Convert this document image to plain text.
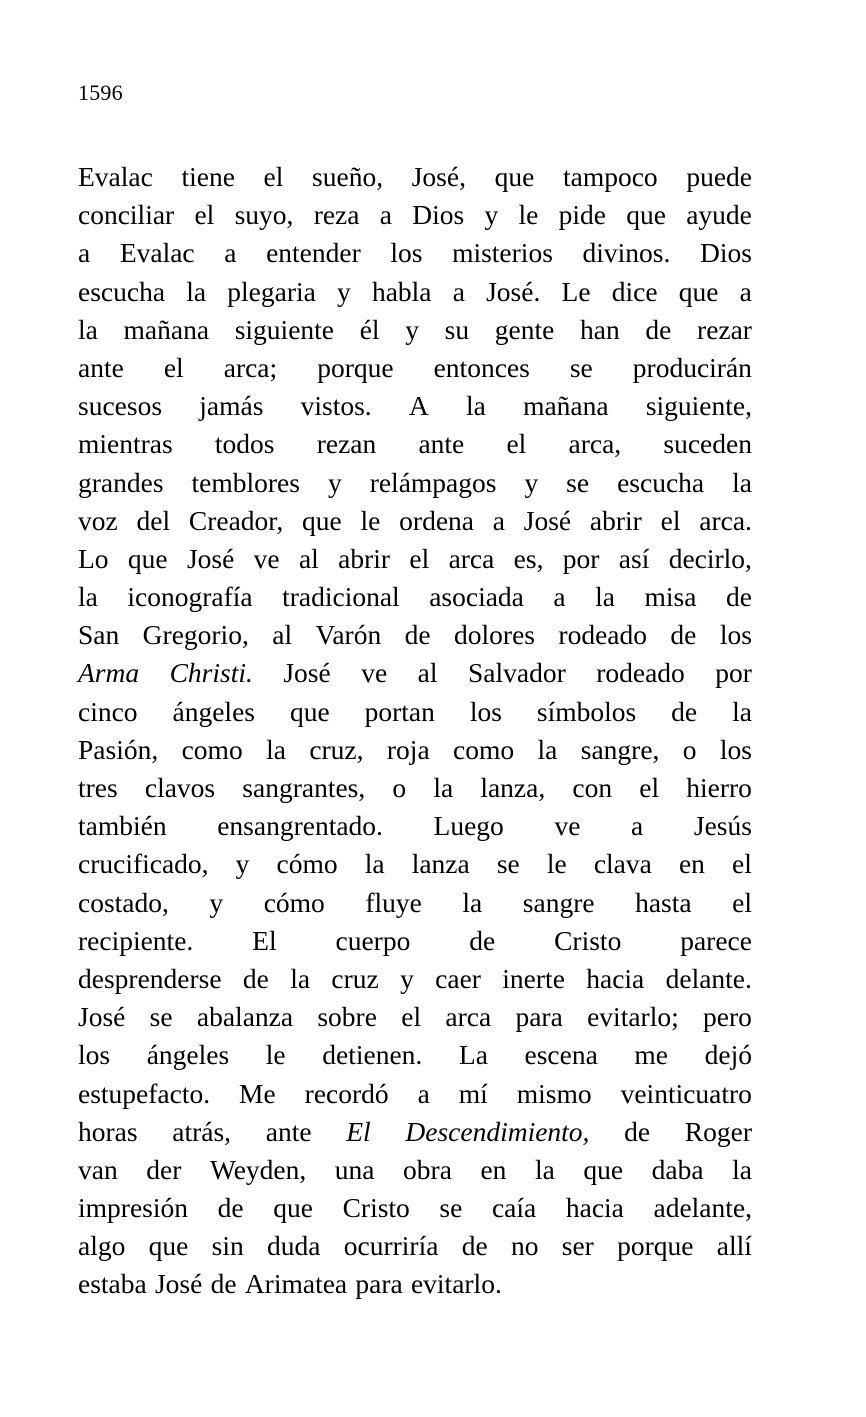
1596
Evalac tiene el sueño, José, que tampoco puede
conciliar el suyo, reza a Dios y le pide que ayude
a Evalac a entender los misterios divinos. Dios
escucha la plegaria y habla a José. Le dice que a
la mañana siguiente él y su gente han de rezar
ante el arca; porque entonces se producirán
sucesos jamás vistos. A la mañana siguiente,
mientras todos rezan ante el arca, suceden
grandes temblores y relámpagos y se escucha la
voz del Creador, que le ordena a José abrir el arca.
Lo que José ve al abrir el arca es, por así decirlo,
la iconografía tradicional asociada a la misa de
San Gregorio, al Varón de dolores rodeado de los
Arma Christi. José ve al Salvador rodeado por
cinco ángeles que portan los símbolos de la
Pasión, como la cruz, roja como la sangre, o los
tres clavos sangrantes, o la lanza, con el hierro
también ensangrentado. Luego ve a Jesús
crucificado, y cómo la lanza se le clava en el
costado, y cómo fluye la sangre hasta el
recipiente. El cuerpo de Cristo parece
desprenderse de la cruz y caer inerte hacia delante.
José se abalanza sobre el arca para evitarlo; pero
los ángeles le detienen. La escena me dejó
estupefacto. Me recordó a mí mismo veinticuatro
horas atrás, ante El Descendimiento, de Roger
van der Weyden, una obra en la que daba la
impresión de que Cristo se caía hacia adelante,
algo que sin duda ocurriría de no ser porque allí
estaba José de Arimatea para evitarlo.
